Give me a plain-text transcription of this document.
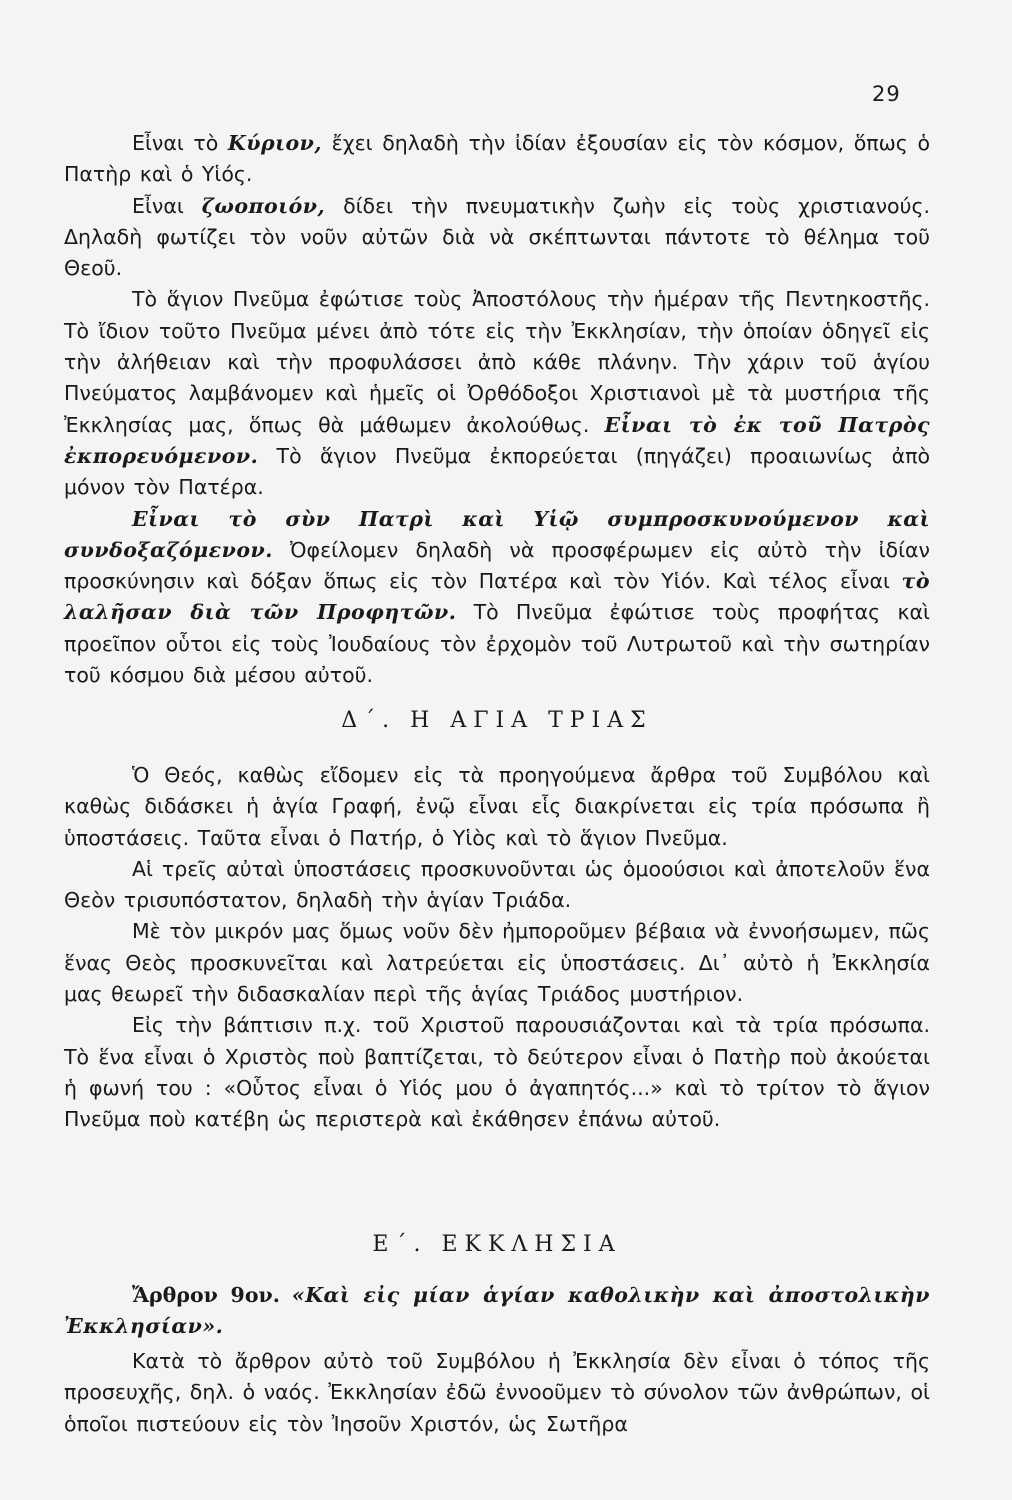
29

Εἶναι τὸ Κύριον, ἔχει δηλαδὴ τὴν ἰδίαν ἐξουσίαν εἰς τὸν κόσμον, ὅπως ὁ Πατὴρ καὶ ὁ Υἱός.

Εἶναι ζωοποιόν, δίδει τὴν πνευματικὴν ζωὴν εἰς τοὺς χριστιανούς. Δηλαδὴ φωτίζει τὸν νοῦν αὐτῶν διὰ νὰ σκέπτωνται πάντοτε τὸ θέλημα τοῦ Θεοῦ.

Τὸ ἅγιον Πνεῦμα ἐφώτισε τοὺς Ἀποστόλους τὴν ἡμέραν τῆς Πεντηκοστῆς. Τὸ ἴδιον τοῦτο Πνεῦμα μένει ἀπὸ τότε εἰς τὴν Ἐκκλησίαν, τὴν ὁποίαν ὁδηγεῖ εἰς τὴν ἀλήθειαν καὶ τὴν προφυλάσσει ἀπὸ κάθε πλάνην. Τὴν χάριν τοῦ ἁγίου Πνεύματος λαμβάνομεν καὶ ἡμεῖς οἱ Ὀρθόδοξοι Χριστιανοὶ μὲ τὰ μυστήρια τῆς Ἐκκλησίας μας, ὅπως θὰ μάθωμεν ἀκολούθως. Εἶναι τὸ ἐκ τοῦ Πατρὸς ἐκπορευόμενον. Τὸ ἅγιον Πνεῦμα ἐκπορεύεται (πηγάζει) προαιωνίως ἀπὸ μόνον τὸν Πατέρα.

Εἶναι τὸ σὺν Πατρὶ καὶ Υἱῷ συμπροσκυνούμενον καὶ συνδοξαζόμενον. Ὀφείλομεν δηλαδὴ νὰ προσφέρωμεν εἰς αὐτὸ τὴν ἰδίαν προσκύνησιν καὶ δόξαν ὅπως εἰς τὸν Πατέρα καὶ τὸν Υἱόν. Καὶ τέλος εἶναι τὸ λαλῆσαν διὰ τῶν Προφητῶν. Τὸ Πνεῦμα ἐφώτισε τοὺς προφήτας καὶ προεῖπον οὗτοι εἰς τοὺς Ἰουδαίους τὸν ἐρχομὸν τοῦ Λυτρωτοῦ καὶ τὴν σωτηρίαν τοῦ κόσμου διὰ μέσου αὐτοῦ.

Δ΄. Η ΑΓΙΑ ΤΡΙΑΣ

Ὁ Θεός, καθὼς εἴδομεν εἰς τὰ προηγούμενα ἄρθρα τοῦ Συμβόλου καὶ καθὼς διδάσκει ἡ ἁγία Γραφή, ἐνῷ εἶναι εἷς διακρίνεται εἰς τρία πρόσωπα ἢ ὑποστάσεις. Ταῦτα εἶναι ὁ Πατήρ, ὁ Υἱὸς καὶ τὸ ἅγιον Πνεῦμα.

Αἱ τρεῖς αὐταὶ ὑποστάσεις προσκυνοῦνται ὡς ὁμοούσιοι καὶ ἀποτελοῦν ἕνα Θεὸν τρισυπόστατον, δηλαδὴ τὴν ἁγίαν Τριάδα.

Μὲ τὸν μικρόν μας ὅμως νοῦν δὲν ἠμποροῦμεν βέβαια νὰ ἐννοήσωμεν, πῶς ἕνας Θεὸς προσκυνεῖται καὶ λατρεύεται εἰς ὑποστάσεις. Δι᾽ αὐτὸ ἡ Ἐκκλησία μας θεωρεῖ τὴν διδασκαλίαν περὶ τῆς ἁγίας Τριάδος μυστήριον.

Εἰς τὴν βάπτισιν π.χ. τοῦ Χριστοῦ παρουσιάζονται καὶ τὰ τρία πρόσωπα. Τὸ ἕνα εἶναι ὁ Χριστὸς ποὺ βαπτίζεται, τὸ δεύτερον εἶναι ὁ Πατὴρ ποὺ ἀκούεται ἡ φωνή του : «Οὗτος εἶναι ὁ Υἱός μου ὁ ἀγαπητός...» καὶ τὸ τρίτον τὸ ἅγιον Πνεῦμα ποὺ κατέβη ὡς περιστερὰ καὶ ἐκάθησεν ἐπάνω αὐτοῦ.

Ε΄. ΕΚΚΛΗΣΙΑ

Ἄρθρον 9ον. «Καὶ εἰς μίαν ἁγίαν καθολικὴν καὶ ἀποστολικὴν Ἐκκλησίαν».

Κατὰ τὸ ἄρθρον αὐτὸ τοῦ Συμβόλου ἡ Ἐκκλησία δὲν εἶναι ὁ τόπος τῆς προσευχῆς, δηλ. ὁ ναός. Ἐκκλησίαν ἐδῶ ἐννοοῦμεν τὸ σύνολον τῶν ἀνθρώπων, οἱ ὁποῖοι πιστεύουν εἰς τὸν Ἰησοῦν Χριστόν, ὡς Σωτῆρα
